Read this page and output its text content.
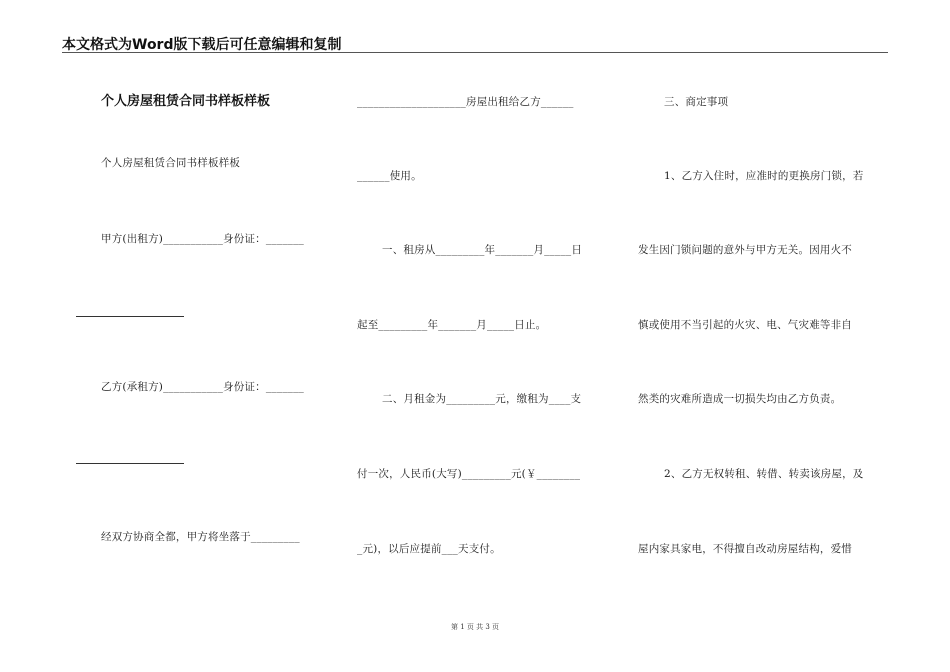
本文格式为Word版下载后可任意编辑和复制
个人房屋租赁合同书样板样板
个人房屋租赁合同书样板样板
甲方(出租方)___________身份证：_______
乙方(承租方)___________身份证：_______
经双方协商全都，甲方将坐落于_________
____________________房屋出租给乙方______
______使用。
一、租房从_________年_______月_____日
起至_________年_______月_____日止。
二、月租金为_________元，缴租为____支
付一次，人民币(大写)_________元(￥________
_元)，以后应提前___天支付。
三、商定事项
1、乙方入住时，应准时的更换房门锁，若
发生因门锁问题的意外与甲方无关。因用火不
慎或使用不当引起的火灾、电、气灾难等非自
然类的灾难所造成一切损失均由乙方负责。
2、乙方无权转租、转借、转卖该房屋，及
屋内家具家电，不得擅自改动房屋结构，爱惜
第 1 页 共 3 页
